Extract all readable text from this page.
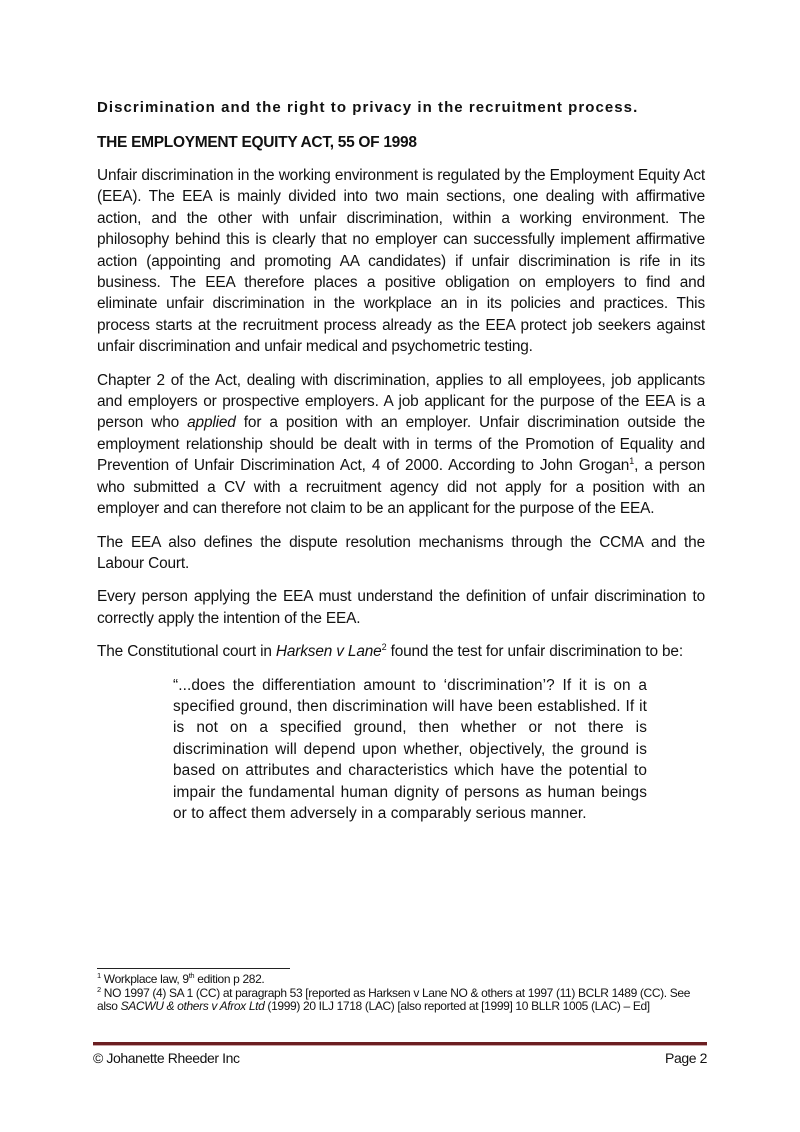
Discrimination and the right to privacy in the recruitment process.

THE EMPLOYMENT EQUITY ACT, 55 OF 1998

Unfair discrimination in the working environment is regulated by the Employment Equity Act (EEA). The EEA is mainly divided into two main sections, one dealing with affirmative action, and the other with unfair discrimination, within a working environment. The philosophy behind this is clearly that no employer can successfully implement affirmative action (appointing and promoting AA candidates) if unfair discrimination is rife in its business. The EEA therefore places a positive obligation on employers to find and eliminate unfair discrimination in the workplace an in its policies and practices. This process starts at the recruitment process already as the EEA protect job seekers against unfair discrimination and unfair medical and psychometric testing.

Chapter 2 of the Act, dealing with discrimination, applies to all employees, job applicants and employers or prospective employers. A job applicant for the purpose of the EEA is a person who applied for a position with an employer. Unfair discrimination outside the employment relationship should be dealt with in terms of the Promotion of Equality and Prevention of Unfair Discrimination Act, 4 of 2000. According to John Grogan$^1$, a person who submitted a CV with a recruitment agency did not apply for a position with an employer and can therefore not claim to be an applicant for the purpose of the EEA.

The EEA also defines the dispute resolution mechanisms through the CCMA and the Labour Court.

Every person applying the EEA must understand the definition of unfair discrimination to correctly apply the intention of the EEA.

The Constitutional court in Harksen v Lane$^2$ found the test for unfair discrimination to be:

“...does the differentiation amount to ‘discrimination’? If it is on a specified ground, then discrimination will have been established. If it is not on a specified ground, then whether or not there is discrimination will depend upon whether, objectively, the ground is based on attributes and characteristics which have the potential to impair the fundamental human dignity of persons as human beings or to affect them adversely in a comparably serious manner.

$^1$ Workplace law, 9th edition p 282.
$^2$ NO 1997 (4) SA 1 (CC) at paragraph 53 [reported as Harksen v Lane NO & others at 1997 (11) BCLR 1489 (CC). See also SACWU & others v Afrox Ltd (1999) 20 ILJ 1718 (LAC) [also reported at [1999] 10 BLLR 1005 (LAC) – Ed]
© Johanette Rheeder Inc	Page 2
